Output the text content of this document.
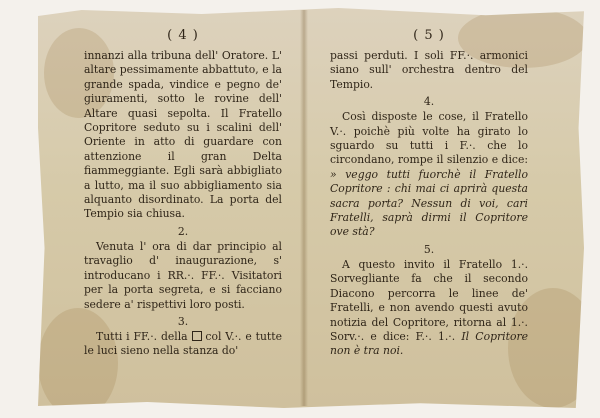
( 4 )

innanzi alla tribuna dell' Oratore. L' altare pessimamente abbattuto, e la grande spada, vindice e pegno de' giuramenti, sotto le rovine dell' Altare quasi sepolta. Il Fratello Copritore seduto su i scalini dell' Oriente in atto di guardare con attenzione il gran Delta fiammeggiante. Egli sarà abbigliato a lutto, ma il suo abbigliamento sia alquanto disordinato. La porta del Tempio sia chiusa.

2.

Venuta l' ora di dar principio al travaglio d' inaugurazione, s' introducano i RR.·. FF.·. Visitatori per la porta segreta, e si facciano sedere a' rispettivi loro posti.

3.

Tutti i FF.·. della col V.·. e tutte le luci sieno nella stanza do'

( 5 )

passi perduti. I soli FF.·. armonici siano sull' orchestra dentro del Tempio.

4.

Così disposte le cose, il Fratello V.·. poichè più volte ha girato lo sguardo su tutti i F.·. che lo circondano, rompe il silenzio e dice: » veggo tutti fuorchè il Fratello Copritore : chi mai ci aprirà questa sacra porta? Nessun di voi, cari Fratelli, saprà dirmi il Copritore ove stà?

5.

A questo invito il Fratello 1.·. Sorvegliante fa che il secondo Diacono percorra le linee de' Fratelli, e non avendo questi avuto notizia del Copritore, ritorna al 1.·. Sorv.·. e dice: F.·. 1.·. Il Copritore non è tra noi.
